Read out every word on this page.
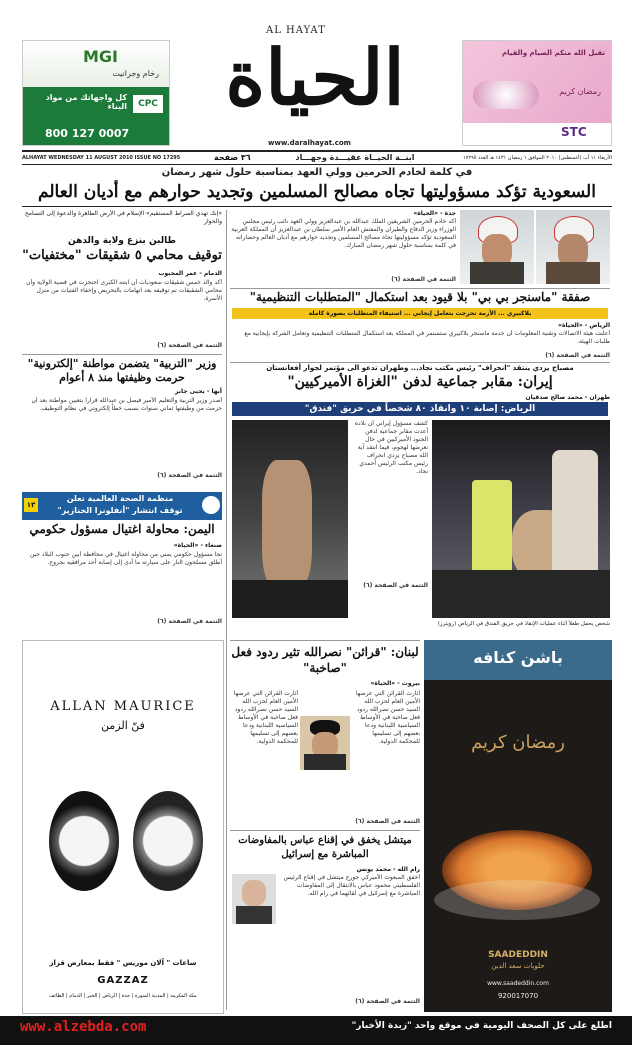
MGI
رخام وجرانيت
كل واجهاتك من مواد البناء	CPC
800 127 0007
تقبل الله منكم الصيام والقيام
رمضان كريم
STC
AL HAYAT
الحياة
www.daralhayat.com
ابنــة الحيــاة عقيـــدة وجهـــاد
٣٦ صفحة
ALHAYAT WEDNESDAY 11 AUGUST 2010 ISSUE NO 17295	الأربعاء ١١ آب (أغسطس) ٢٠١٠ الموافق ١ رمضان ١٤٣١ هـ العدد ١٧٢٩٥
في كلمة لخادم الحرمين وولي العهد بمناسبة حلول شهر رمضان
السعودية تؤكد مسؤوليتها تجاه مصالح المسلمين وتجديد حوارهم مع أديان العالم
جدة - «الحياة»
أكد خادم الحرمين الشريفين الملك عبدالله بن عبدالعزيز وولي العهد نائب رئيس مجلس الوزراء وزير الدفاع والطيران والمفتش العام الأمير سلطان بن عبدالعزيز أن المملكة العربية السعودية تؤكد مسؤوليتها تجاه مصالح المسلمين وتجديد حوارهم مع أديان العالم وحضاراته في كلمة بمناسبة حلول شهر رمضان المبارك.
التتمة في الصفحة (٦)
«إنك تهدي الصراط المستقيم» الإسلام في الأرض الطاهرة والدعوة إلى التسامح والحوار
طالبن بنزع ولاية والدهن
توقيف محامي ٥ شقيقات "مختفيات"
الدمام - عمر المحبوب
أكد والد خمس شقيقات سعوديات أن ابنته الكبرى احتجزت في قضية الولاية وأن محامي الشقيقات تم توقيفه بعد اتهامات بالتحريض وإخفاء الفتيات من منزل الأسرة.
التتمة في الصفحة (٦)
وزير "التربية" يتضمن مواطنة "إلكترونية" حرمت وظيفتها منذ ٨ أعوام
أبها - يحيى جابر
أصدر وزير التربية والتعليم الأمير فيصل بن عبدالله قراراً بتعيين مواطنة بعد أن حرمت من وظيفتها ثماني سنوات بسبب خطأ إلكتروني في نظام التوظيف.
التتمة في الصفحة (٦)
منظمة الصحة العالمية تعلن
توقف انتشار "أنفلونزا الخنازير"
١٣
اليمن: محاولة اغتيال مسؤول حكومي
صنعاء - «الحياة»
نجا مسؤول حكومي يمني من محاولة اغتيال في محافظة أبين جنوب البلاد حين أطلق مسلحون النار على سيارته ما أدى إلى إصابة أحد مرافقيه بجروح.
التتمة في الصفحة (٦)
صفقة "ماسنجر بي بي" بلا قيود بعد استكمال "المتطلبات التنظيمية"
بلاكبيري ... الأزمة تحرجت بتعامل إيجابي ... استيفاء المتطلبات بصورة كاملة
الرياض - «الحياة»
أعلنت هيئة الاتصالات وتقنية المعلومات أن خدمة ماسنجر بلاكبيري ستستمر في المملكة بعد استكمال المتطلبات التنظيمية وتعامل الشركة بإيجابية مع طلبات الهيئة.
التتمة في الصفحة (٦)
مصباح يزدي ينتقد "انحراف" رئيس مكتب نجاد... وطهران تدعو الى مؤتمر لجوار أفغانستان
إيران: مقابر جماعية لدفن "الغزاة الأميركيين"
طهران - محمد صالح صدقيان
الرياض: إصابة ١٠ وانقاذ ٨٠ شخصاً في حريق "فندق"
كشف مسؤول إيراني أن بلاده أعدت مقابر جماعية لدفن الجنود الأميركيين في حال تعرضها لهجوم، فيما انتقد آية الله مصباح يزدي انحراف رئيس مكتب الرئيس أحمدي نجاد.
التتمة في الصفحة (٦)
شخص يحمل طفلاً أثناء عمليات الإنقاذ في حريق الفندق في الرياض (رويترز)
لبنان: "قرائن" نصرالله تثير ردود فعل "صاخبة"
بيروت - «الحياة»
أثارت القرائن التي عرضها الأمين العام لحزب الله السيد حسن نصرالله ردود فعل صاخبة في الأوساط السياسية اللبنانية ودعا بعضهم إلى تسليمها للمحكمة الدولية.
أثارت القرائن التي عرضها الأمين العام لحزب الله السيد حسن نصرالله ردود فعل صاخبة في الأوساط السياسية اللبنانية ودعا بعضهم إلى تسليمها للمحكمة الدولية.
التتمة في الصفحة (٦)
ميتشل يخفق في إقناع عباس بالمفاوضات المباشرة مع إسرائيل
رام الله - محمد يونس
أخفق المبعوث الأميركي جورج ميتشل في إقناع الرئيس الفلسطيني محمود عباس بالانتقال إلى المفاوضات المباشرة مع إسرائيل في لقائهما في رام الله.
التتمة في الصفحة (٦)
ALLAN MAURICE
فنّ الزمن
ساعات " آلان موريس " فقط بمعارض قزاز
GAZZAZ
مكة المكرمة | المدينة المنورة | جدة | الرياض | الخبر | الدمام | الطائف
باشن كنافه
رمضان كريم
SAADEDDIN
حلويات سعد الدين
www.saadeddin.com
920017070
www.alzebda.com	اطلع على كل الصحف اليومية في موقع واحد "زبدة الأخبار"
